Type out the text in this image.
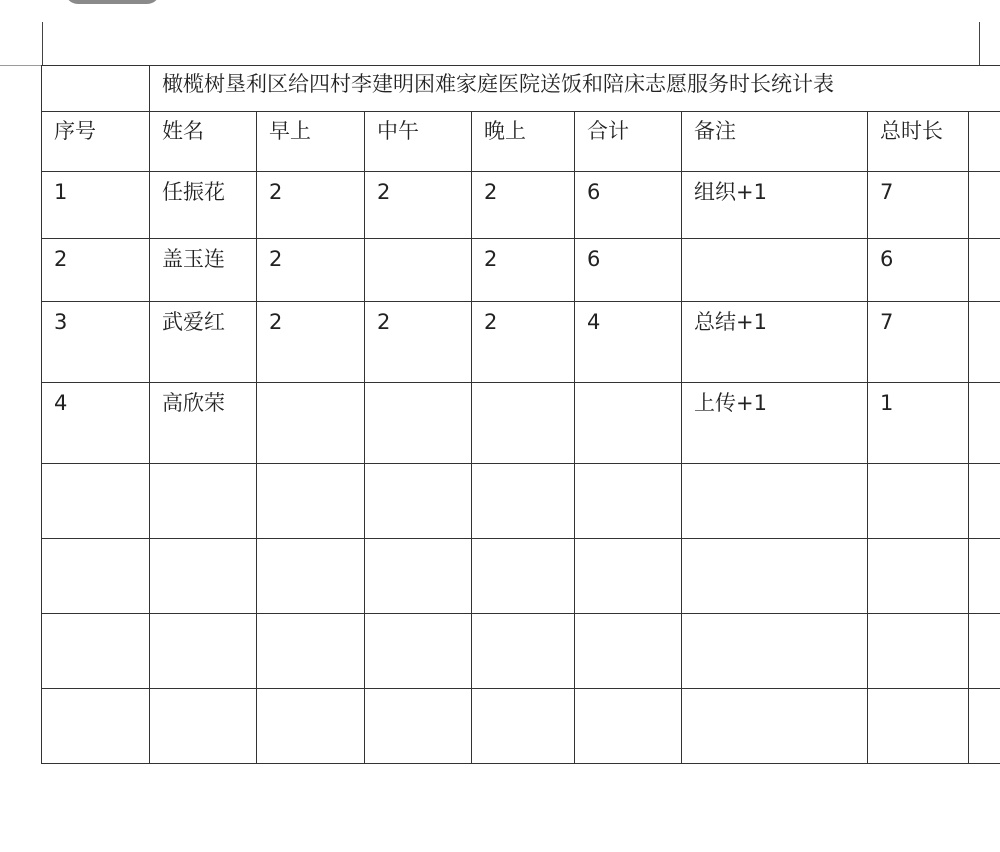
	橄榄树垦利区给四村李建明困难家庭医院送饭和陪床志愿服务时长统计表							
序号	姓名	早上	中午	晚上	合计	备注	总时长	
1	任振花	2	2	2	6	组织+1	7	
2	盖玉连	2		2	6		6	
3	武爱红	2	2	2	4	总结+1	7	
4	高欣荣					上传+1	1	
